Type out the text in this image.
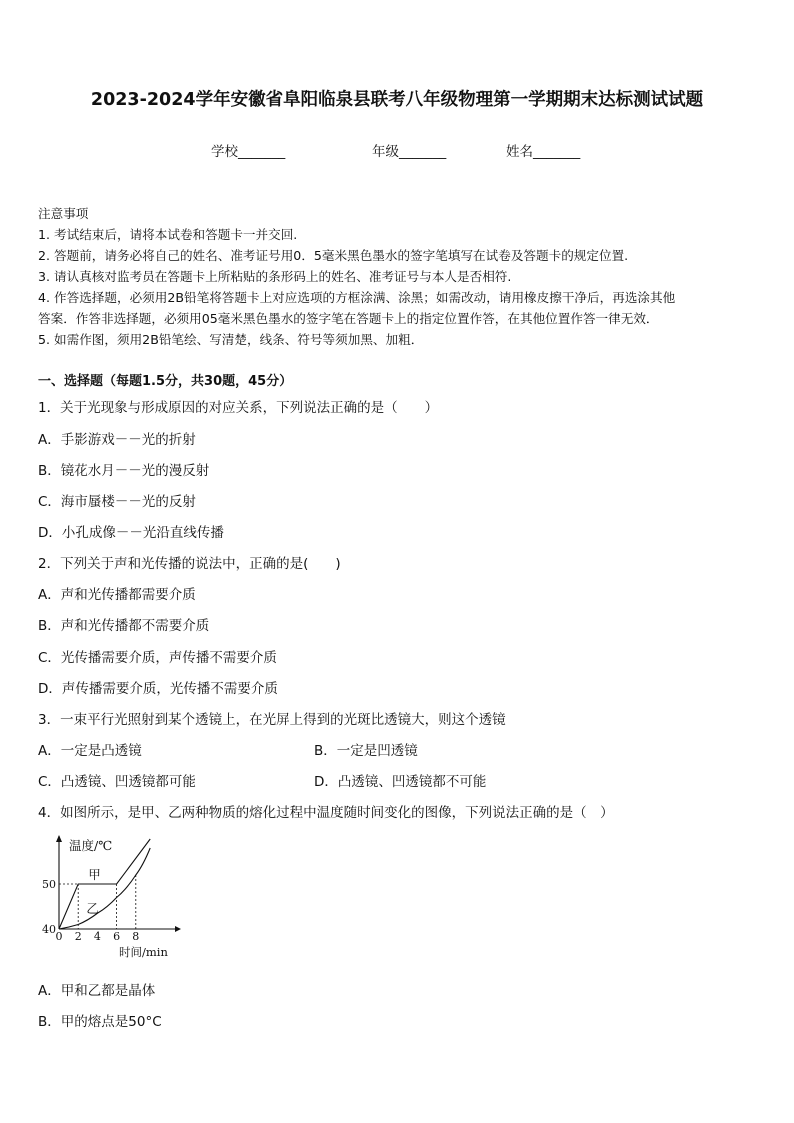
2023-2024学年安徽省阜阳临泉县联考八年级物理第一学期期末达标测试试题
学校_______	年级_______	姓名_______
注意事项
1. 考试结束后，请将本试卷和答题卡一并交回.
2. 答题前，请务必将自己的姓名、准考证号用0．5毫米黑色墨水的签字笔填写在试卷及答题卡的规定位置.
3. 请认真核对监考员在答题卡上所粘贴的条形码上的姓名、准考证号与本人是否相符.
4. 作答选择题，必须用2B铅笔将答题卡上对应选项的方框涂满、涂黑；如需改动，请用橡皮擦干净后，再选涂其他
答案．作答非选择题，必须用05毫米黑色墨水的签字笔在答题卡上的指定位置作答，在其他位置作答一律无效．
5. 如需作图，须用2B铅笔绘、写清楚，线条、符号等须加黑、加粗．
一、选择题（每题1.5分，共30题，45分）
1．关于光现象与形成原因的对应关系，下列说法正确的是（　　）
A．手影游戏－－光的折射
B．镜花水月－－光的漫反射
C．海市蜃楼－－光的反射
D．小孔成像－－光沿直线传播
2．下列关于声和光传播的说法中，正确的是(　　)
A．声和光传播都需要介质
B．声和光传播都不需要介质
C．光传播需要介质，声传播不需要介质
D．声传播需要介质，光传播不需要介质
3．一束平行光照射到某个透镜上，在光屏上得到的光斑比透镜大，则这个透镜
A．一定是凸透镜	B．一定是凹透镜
C．凸透镜、凹透镜都可能	D．凸透镜、凹透镜都不可能
4．如图所示，是甲、乙两种物质的熔化过程中温度随时间变化的图像，下列说法正确的是（　）
温度/℃
时间/min
50
40
0 2 4 6 8
甲
乙
A．甲和乙都是晶体
B．甲的熔点是50°C
